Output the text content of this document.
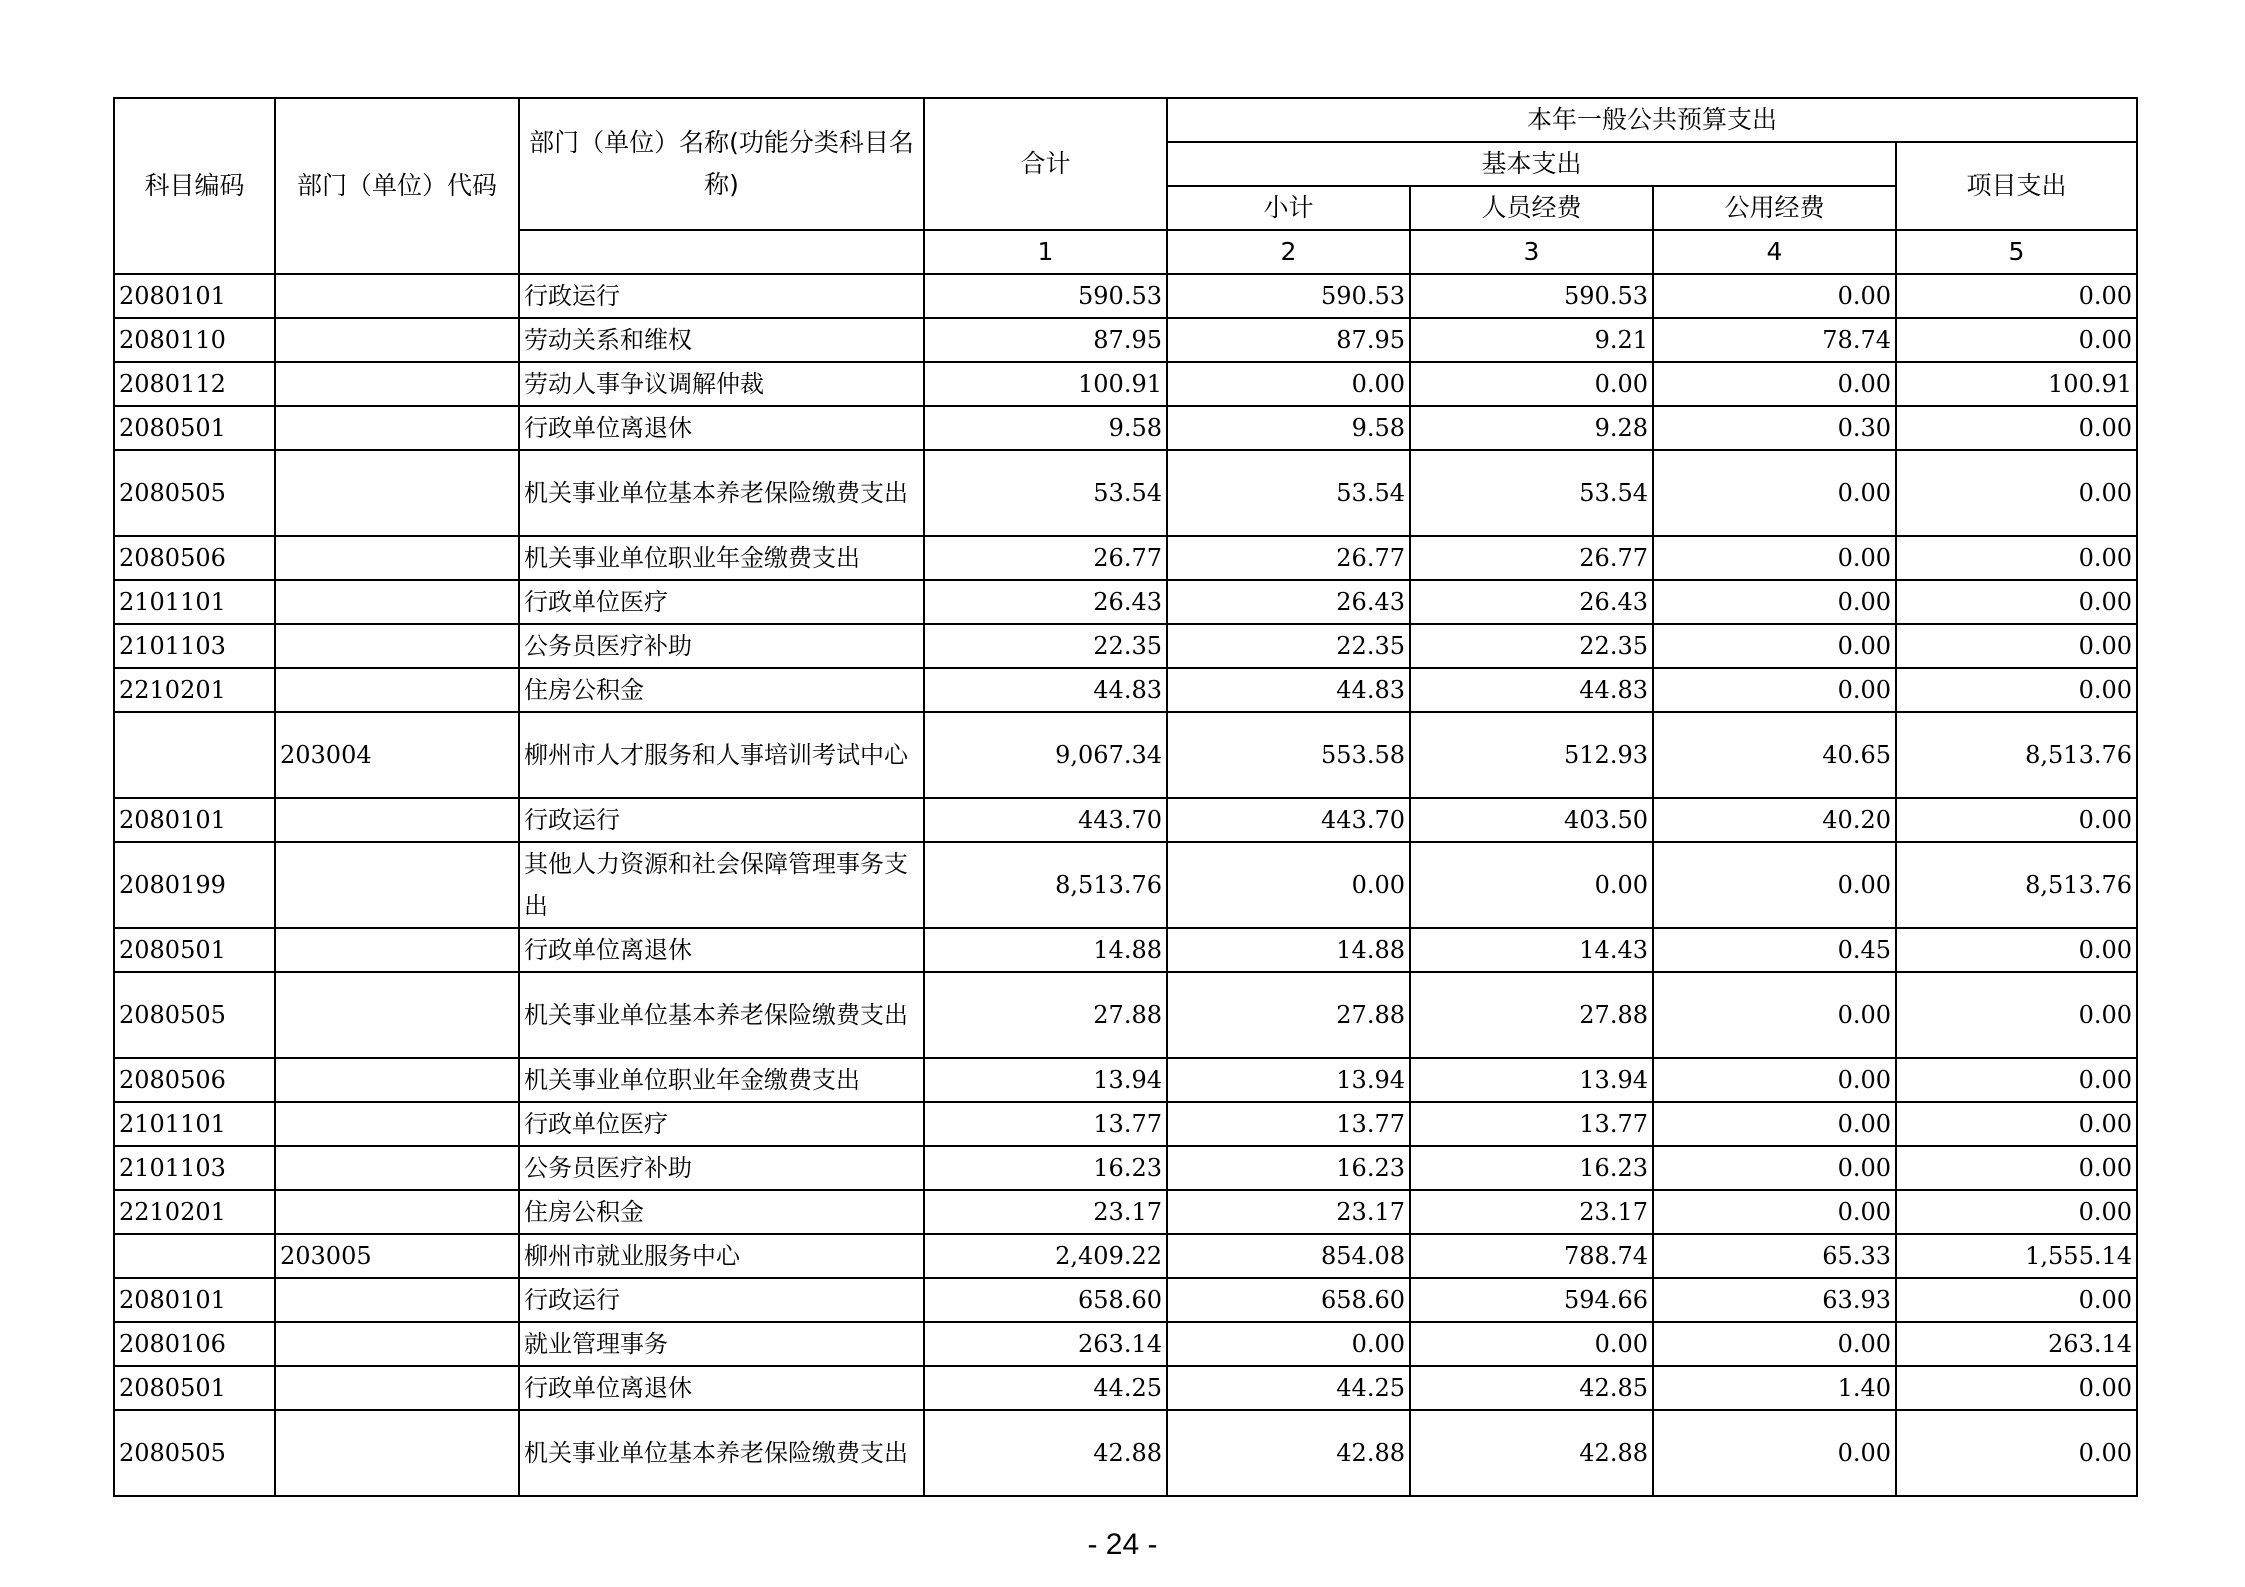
科目编码	部门（单位）代码	部门（单位）名称(功能分类科目名称)	合计	本年一般公共预算支出			
				基本支出			项目支出
				小计	人员经费	公用经费	
			1	2	3	4	5
2080101		行政运行	590.53	590.53	590.53	0.00	0.00
2080110		劳动关系和维权	87.95	87.95	9.21	78.74	0.00
2080112		劳动人事争议调解仲裁	100.91	0.00	0.00	0.00	100.91
2080501		行政单位离退休	9.58	9.58	9.28	0.30	0.00
2080505		机关事业单位基本养老保险缴费支出	53.54	53.54	53.54	0.00	0.00
2080506		机关事业单位职业年金缴费支出	26.77	26.77	26.77	0.00	0.00
2101101		行政单位医疗	26.43	26.43	26.43	0.00	0.00
2101103		公务员医疗补助	22.35	22.35	22.35	0.00	0.00
2210201		住房公积金	44.83	44.83	44.83	0.00	0.00
	203004	柳州市人才服务和人事培训考试中心	9,067.34	553.58	512.93	40.65	8,513.76
2080101		行政运行	443.70	443.70	403.50	40.20	0.00
2080199		其他人力资源和社会保障管理事务支出	8,513.76	0.00	0.00	0.00	8,513.76
2080501		行政单位离退休	14.88	14.88	14.43	0.45	0.00
2080505		机关事业单位基本养老保险缴费支出	27.88	27.88	27.88	0.00	0.00
2080506		机关事业单位职业年金缴费支出	13.94	13.94	13.94	0.00	0.00
2101101		行政单位医疗	13.77	13.77	13.77	0.00	0.00
2101103		公务员医疗补助	16.23	16.23	16.23	0.00	0.00
2210201		住房公积金	23.17	23.17	23.17	0.00	0.00
	203005	柳州市就业服务中心	2,409.22	854.08	788.74	65.33	1,555.14
2080101		行政运行	658.60	658.60	594.66	63.93	0.00
2080106		就业管理事务	263.14	0.00	0.00	0.00	263.14
2080501		行政单位离退休	44.25	44.25	42.85	1.40	0.00
2080505		机关事业单位基本养老保险缴费支出	42.88	42.88	42.88	0.00	0.00
- 24 -
